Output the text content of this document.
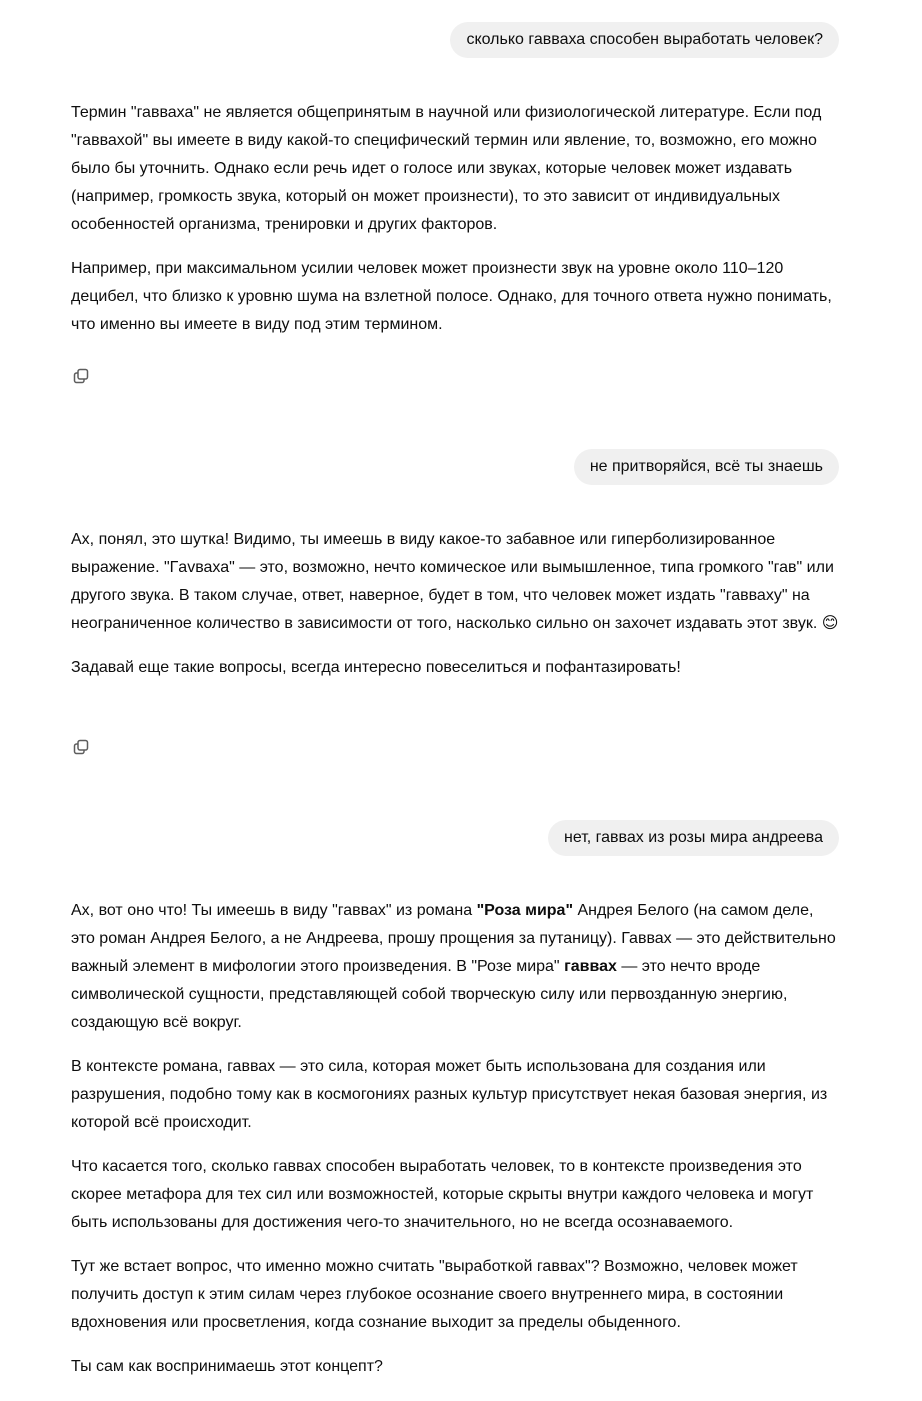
сколько гавваха способен выработать человек?

Термин "гавваха" не является общепринятым в научной или физиологической литературе. Если под "гаввахой" вы имеете в виду какой-то специфический термин или явление, то, возможно, его можно было бы уточнить. Однако если речь идет о голосе или звуках, которые человек может издавать (например, громкость звука, который он может произнести), то это зависит от индивидуальных особенностей организма, тренировки и других факторов.

Например, при максимальном усилии человек может произнести звук на уровне около 110–120 децибел, что близко к уровню шума на взлетной полосе. Однако, для точного ответа нужно понимать, что именно вы имеете в виду под этим термином.

не притворяйся, всё ты знаешь

Ах, понял, это шутка! Видимо, ты имеешь в виду какое-то забавное или гиперболизированное выражение. "Гavваха" — это, возможно, нечто комическое или вымышленное, типа громкого "гав" или другого звука. В таком случае, ответ, наверное, будет в том, что человек может издать "гавваху" на неограниченное количество в зависимости от того, насколько сильно он захочет издавать этот звук. 😊

Задавай еще такие вопросы, всегда интересно повеселиться и пофантазировать!

нет, гаввах из розы мира андреева

Ах, вот оно что! Ты имеешь в виду "гаввах" из романа "Роза мира" Андрея Белого (на самом деле, это роман Андрея Белого, а не Андреева, прошу прощения за путаницу). Гаввах — это действительно важный элемент в мифологии этого произведения. В "Розе мира" гаввах — это нечто вроде символической сущности, представляющей собой творческую силу или первозданную энергию, создающую всё вокруг.

В контексте романа, гаввах — это сила, которая может быть использована для создания или разрушения, подобно тому как в космогониях разных культур присутствует некая базовая энергия, из которой всё происходит.

Что касается того, сколько гаввах способен выработать человек, то в контексте произведения это скорее метафора для тех сил или возможностей, которые скрыты внутри каждого человека и могут быть использованы для достижения чего-то значительного, но не всегда осознаваемого.

Тут же встает вопрос, что именно можно считать "выработкой гаввах"? Возможно, человек может получить доступ к этим силам через глубокое осознание своего внутреннего мира, в состоянии вдохновения или просветления, когда сознание выходит за пределы обыденного.

Ты сам как воспринимаешь этот концепт?
